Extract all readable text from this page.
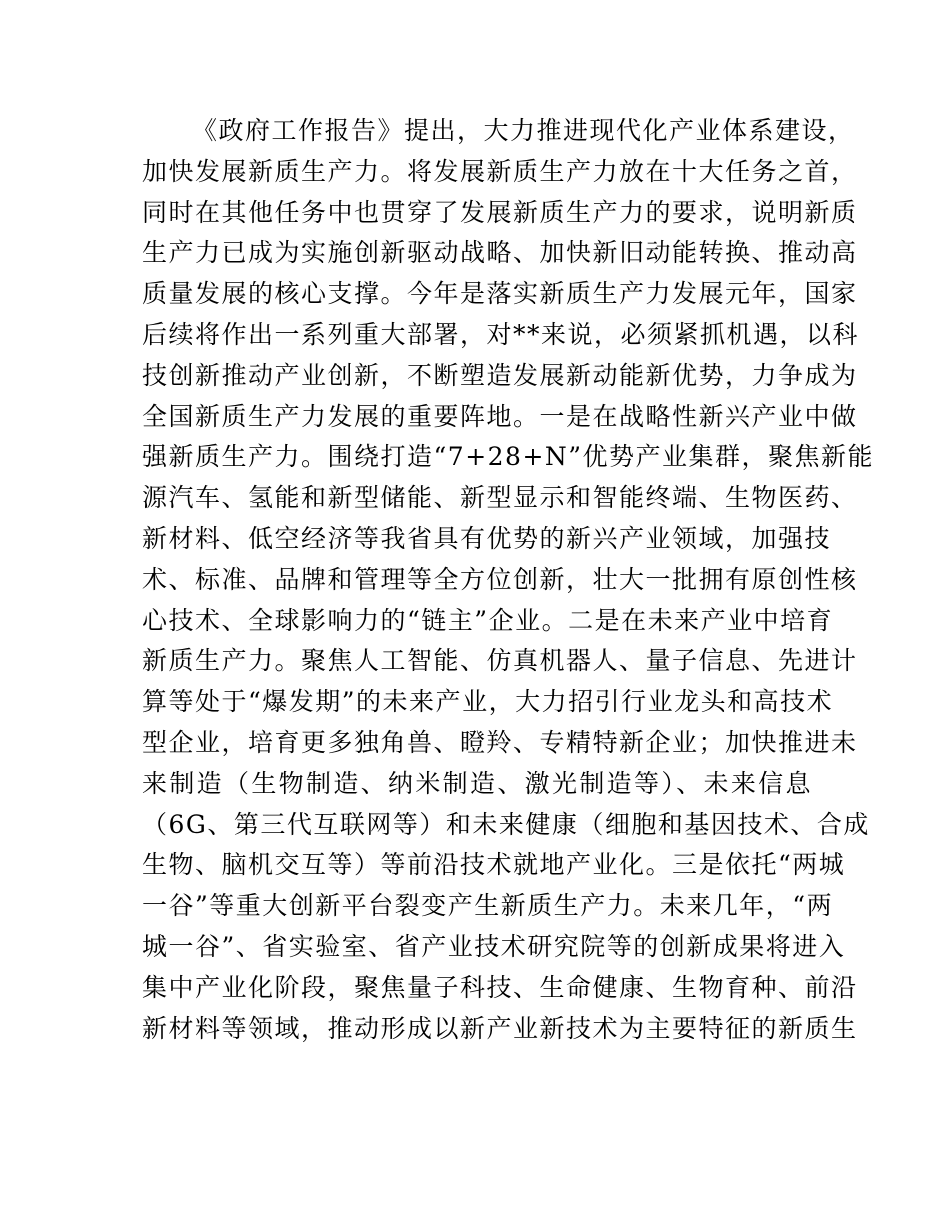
《政府工作报告》提出，大力推进现代化产业体系建设，
加快发展新质生产力。将发展新质生产力放在十大任务之首，
同时在其他任务中也贯穿了发展新质生产力的要求，说明新质
生产力已成为实施创新驱动战略、加快新旧动能转换、推动高
质量发展的核心支撑。今年是落实新质生产力发展元年，国家
后续将作出一系列重大部署，对**来说，必须紧抓机遇，以科
技创新推动产业创新，不断塑造发展新动能新优势，力争成为
全国新质生产力发展的重要阵地。一是在战略性新兴产业中做
强新质生产力。围绕打造“7+28+N”优势产业集群，聚焦新能
源汽车、氢能和新型储能、新型显示和智能终端、生物医药、
新材料、低空经济等我省具有优势的新兴产业领域，加强技
术、标准、品牌和管理等全方位创新，壮大一批拥有原创性核
心技术、全球影响力的“链主”企业。二是在未来产业中培育
新质生产力。聚焦人工智能、仿真机器人、量子信息、先进计
算等处于“爆发期”的未来产业，大力招引行业龙头和高技术
型企业，培育更多独角兽、瞪羚、专精特新企业；加快推进未
来制造（生物制造、纳米制造、激光制造等）、未来信息
（6G、第三代互联网等）和未来健康（细胞和基因技术、合成
生物、脑机交互等）等前沿技术就地产业化。三是依托“两城
一谷”等重大创新平台裂变产生新质生产力。未来几年，“两
城一谷”、省实验室、省产业技术研究院等的创新成果将进入
集中产业化阶段，聚焦量子科技、生命健康、生物育种、前沿
新材料等领域，推动形成以新产业新技术为主要特征的新质生
